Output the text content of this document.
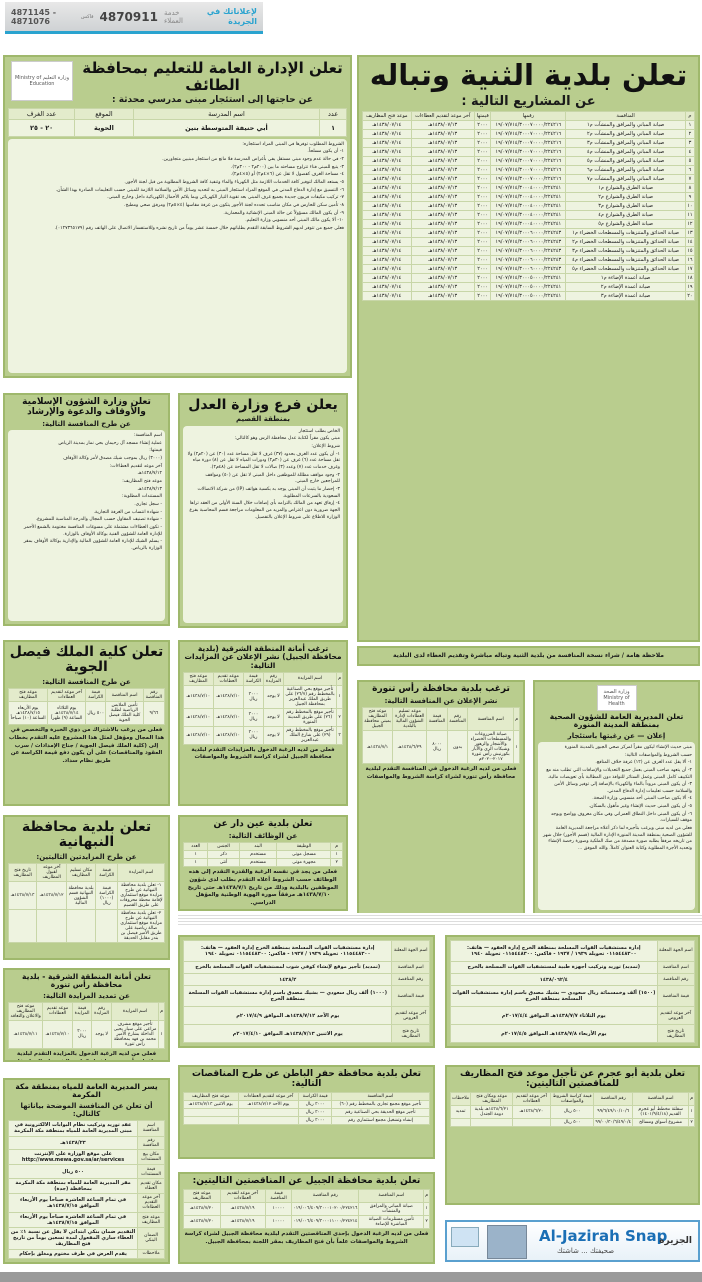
4871145 - 4871076	فاكس 4870911 خدمة العملاء
لإعلاناتك في الجريدة
تعلن بلدية الثنية وتباله
عن المشاريع التالية :
م	المنافسة	رقمها	قيمتها	آخر موعد لتقديم العطاءات	موعد فتح المظاريف
١	صيانة المباني والمرافق والمنشآت م١	١٩/٠٧/٧١٤/٣٠٠٠٧٠٠٠٠/٢٢٤٢١٦	٢٠٠٠	١٤٣٨/٠٧/١٣هـ	١٤٣٨/٠٧/١٤هـ
٢	صيانة المباني والمرافق والمنشآت م٢	١٩/٠٧/٧١٤/٣٠٠٠٧٠٠٠٠/٢٢٤٢١٦	٢٠٠٠	١٤٣٨/٠٧/١٣هـ	١٤٣٨/٠٧/١٤هـ
٣	صيانة المباني والمرافق والمنشآت م٣	١٩/٠٧/٧١٤/٣٠٠٠٧٠٠٠٠/٢٢٤٢١٦	٢٠٠٠	١٤٣٨/٠٧/١٣هـ	١٤٣٨/٠٧/١٤هـ
٤	صيانة المباني والمرافق والمنشآت م٤	١٩/٠٧/٧١٤/٣٠٠٠٧٠٠٠٠/٢٢٤٢١٦	٢٠٠٠	١٤٣٨/٠٧/١٣هـ	١٤٣٨/٠٧/١٤هـ
٥	صيانة المباني والمرافق والمنشآت م٥	١٩/٠٧/٧١٤/٣٠٠٠٧٠٠٠٠/٢٢٤٢١٦	٢٠٠٠	١٤٣٨/٠٧/١٣هـ	١٤٣٨/٠٧/١٤هـ
٦	صيانة المباني والمرافق والمنشآت م٦	١٩/٠٧/٧١٤/٣٠٠٠٧٠٠٠٠/٢٢٤٢١٦	٢٠٠٠	١٤٣٨/٠٧/١٣هـ	١٤٣٨/٠٧/١٤هـ
٧	صيانة المباني والمرافق والمنشآت م٧	١٩/٠٧/٧١٤/٣٠٠٠٧٠٠٠٠/٢٢٤٢١٦	٢٠٠٠	١٤٣٨/٠٧/١٣هـ	١٤٣٨/٠٧/١٤هـ
٨	صيانة الطرق والشوارع م١	١٩/٠٧/٧١٤/٣٠٠٠٤٠٠٠٠/٢٢٤٢٤١	٢٠٠٠	١٤٣٨/٠٧/١٣هـ	١٤٣٨/٠٧/١٤هـ
٩	صيانة الطرق والشوارع م٢	١٩/٠٧/٧١٤/٣٠٠٠٤٠٠٠٠/٢٢٤٢٤١	٢٠٠٠	١٤٣٨/٠٧/١٣هـ	١٤٣٨/٠٧/١٤هـ
١٠	صيانة الطرق والشوارع م٣	١٩/٠٧/٧١٤/٣٠٠٠٤٠٠٠٠/٢٢٤٢٤١	٢٠٠٠	١٤٣٨/٠٧/١٣هـ	١٤٣٨/٠٧/١٤هـ
١١	صيانة الطرق والشوارع م٤	١٩/٠٧/٧١٤/٣٠٠٠٤٠٠٠٠/٢٢٤٢٤١	٢٠٠٠	١٤٣٨/٠٧/١٣هـ	١٤٣٨/٠٧/١٤هـ
١٢	صيانة الطرق والشوارع م٥	١٩/٠٧/٧١٤/٣٠٠٠٤٠٠٠٠/٢٢٤٢٤١	٢٠٠٠	١٤٣٨/٠٧/١٣هـ	١٤٣٨/٠٧/١٤هـ
١٣	صيانة الحدائق والمتنزهات والمسطحات الخضراء م١	١٩/٠٧/٧١٤/٣٠٠٠٦٠٠٠٠/٢٢٤٢٤٣	٢٠٠٠	١٤٣٨/٠٧/١٣هـ	١٤٣٨/٠٧/١٤هـ
١٤	صيانة الحدائق والمتنزهات والمسطحات الخضراء م٢	١٩/٠٧/٧١٤/٣٠٠٠٦٠٠٠٠/٢٢٤٢٤٣	٢٠٠٠	١٤٣٨/٠٧/١٣هـ	١٤٣٨/٠٧/١٤هـ
١٥	صيانة الحدائق والمتنزهات والمسطحات الخضراء م٣	١٩/٠٧/٧١٤/٣٠٠٠٦٠٠٠٠/٢٢٤٢٤٣	٢٠٠٠	١٤٣٨/٠٧/١٣هـ	١٤٣٨/٠٧/١٤هـ
١٦	صيانة الحدائق والمتنزهات والمسطحات الخضراء م٤	١٩/٠٧/٧١٤/٣٠٠٠٦٠٠٠٠/٢٢٤٢٤٣	٢٠٠٠	١٤٣٨/٠٧/١٣هـ	١٤٣٨/٠٧/١٤هـ
١٧	صيانة الحدائق والمتنزهات والمسطحات الخضراء م٥	١٩/٠٧/٧١٤/٣٠٠٠٦٠٠٠٠/٢٢٤٢٤٣	٢٠٠٠	١٤٣٨/٠٧/١٣هـ	١٤٣٨/٠٧/١٤هـ
١٨	صيانة أعمدة الإضاءة م١	١٩/٠٧/٧١٤/٣٠٠٠٥٠٠٠٠/٢٢٤٢٤١	٢٠٠٠	١٤٣٨/٠٧/١٣هـ	١٤٣٨/٠٧/١٤هـ
١٩	صيانة أعمدة الإضاءة م٢	١٩/٠٧/٧١٤/٣٠٠٠٥٠٠٠٠/٢٢٤٢٤١	٢٠٠٠	١٤٣٨/٠٧/١٣هـ	١٤٣٨/٠٧/١٤هـ
٢٠	صيانة أعمدة الإضاءة م٣	١٩/٠٧/٧١٤/٣٠٠٠٥٠٠٠٠/٢٢٤٢٤١	٢٠٠٠	١٤٣٨/٠٧/١٣هـ	١٤٣٨/٠٧/١٤هـ
ملاحظة هامة / شراء نسخة المنافسة من بلدية الثنية وتباله مباشرة وتقديم العطاء لدى البلدية
وزارة التعليم Ministry of Education
تعلن الإدارة العامة للتعليم بمحافظة الطائف
عن حاجتها إلى استئجار مبنى مدرسي محدثة :
عدد	اسم المدرسة	الموقع	عدد الغرف
١	أبي حنيفة المتوسطة بنين	الحوية	٢٠ - ٢٥
الشروط المطلوب توفرها في المبنى المراد استئجاره:
١- أن يكون مسلحاً.
٢- في حالة عدم وجود مبنى مستقل يفي بأغراض المدرسة فلا مانع من استئجار مبنيين متجاورين.
٣- يتبع للمبنى فناء تتراوح مساحته ما بين (٢٠٠م٢ - ٣٠٠م٢).
٤- مساحة الغرف كفصول لا تقل عن (٦×٤م٢) أو (٥×٤م٢).
٥- يستعد المالك لتوفير كافة الخدمات اللازمة مثل الكهرباء والماء وتنفيذ كافة الشروط المطلوبة من قبل لجنة الأجور.
٦- التنسيق مع إدارة الدفاع المدني في الموقع المراد استئجار المبنى به لتحديد وسائل الأمن والسلامة اللازمة للمبنى حسب التعليمات الصادرة بهذا الشأن.
٧- تركيب مكيفات فريون جديدة بجميع غرف المبنى بعد تقوية التيار الكهربائي وبما يلائم الأحمال الكهربائية داخل وخارج المبنى.
٨- تأمين سكن للحارس في مكان مناسب تحدده لجنة الأجور يتكون من غرفة مقاسها (٤×٥م٢) ومرفق صحي ومطبخ.
٩- أن يكون المالك مسؤولاً عن حالة المبنى الإنشائية والمعمارية.
١٠- ألا يكون مالك المبنى أحد منسوبي وزارة التعليم.
فعلى جميع من تتوفر لديهم الشروط السابقة التقدم بطلباتهم خلال خمسة عشر يوماً من تاريخ نشره وللاستفسار الاتصال على الهاتف رقم (٠١٢٧٣٦٥١٧٩).
تعلن وزارة الشؤون الإسلامية والأوقاف والدعوة والإرشاد
عن طرح المنافسة التالية:
اسم المنافسة:
عملية إنشاء مسجد آل رحيمان بحي نمار بمدينة الرياض
قيمتها:
(٣٠٠٠) ريال بموجب شيك مصدق لأمر وكالة الأوقاف
آخر موعد لتقديم العطاءات:
١٤٣٨/٧/١٢هـ
موعد فتح المظاريف:
١٤٣٨/٧/١٣هـ
المستندات المطلوبة:
- سجل تجاري.
- شهادة انتساب من الغرفة التجارية.
- شهادة تصنيف المقاول حسب المجال والدرجة المناسبة للمشروع.
- تكون العطاءات مشتملة على مسوغات المنافسة مختومة بالشمع الأحمر للإدارة العامة للشؤون الفنية بوكالة الأوقاف بالوزارة.
- يسلم الشيك للإدارة العامة للشؤون المالية والإدارية بوكالة الأوقاف بمقر الوزارة بالرياض.
يعلن فرع وزارة العدل
بمنطقة القصيم
الخاص بطلب استئجار
مبنى يكون مقراً لكتابة عدل محافظة الرس وهو كالتالي:
شروط الإعلان:
١- أن يكون عدد الغرف بحدود (٣٧) غرف لا تقل مساحة عدد (٣٠) عن (٢٠م٢) ولا تقل مساحة عدد (٦) غرف عن (٣٠م٢) ودورات المياه لا تقل عن (٨) دورة مياه وغرف خدمات عدد (٧) وعدد (٣) صالات لا تقل المساحة عن (٤٨م٢).
٢- وجود مواقف مظللة للموظفين داخل المبنى لا تقل عن (٥٠) ومواقف للمراجعين خارج المبنى.
٣- إحضار ما يثبت أن المبنى يوجد به بكسية هواتف (IP) من شركة الاتصالات السعودية بالسرعات المطلوبة.
٤- إرفاق تعهد من المالك بالتزامه بأي إضافات خلال السنة الأولى من العقد تراها الجهة ضرورية دون اعتراض والمزيد من المعلومات مراجعة قسم المحاسبة بفرع الوزارة للاطلاع على شروط الإعلان بالتفصيل.
تعلن كلية الملك فيصل الجوية
عن طرح المنافسة التالية:
رقم المناقصة	اسم المناقصة	قيمة الكراسة	آخر موعد لتقديم العطاءات	موعد فتح المظاريف
٩/٦٦	تأمين الملابس الرياضية لطلبة كلية الملك فيصل الجوية	٥٠٠ ريال	يوم الثلاثاء ١٤٣٨/٧/١٤هـ الساعة (٩) ظهراً	يوم الأربعاء ١٤٣٨/٧/١٥هـ الساعة (١٠) صباحاً
فعلى من يرغب بالاشتراك من ذوي الخبرة والتخصص في هذا المجال ومؤهل لمثل هذا المشروع عليه التقدم بخطاب إلى (كلية الملك فيصل الجوية / جناح الإمدادات / سرب العقود والمناقصات) على أن يكون دفع قيمة الكراسة عن طريق نظام سداد.
ترغب أمانة المنطقة الشرقية (بلدية محافظة الجبيل) نشر الإعلان عن المزايدات التالية:
م	اسم المزايدة	رقم المزايدة	قيمة الكراسة	موعد تقديم العطاءات	موعد فتح المظاريف
١	تأجير موقع بحي الصناعية بالمخطط رقم (٢٦/٧) على طريق الملك عبدالعزيز بمحافظة الجبيل	لا يوجد	٣٠٠٠ ريال	١٤٣٨/٧/١٠هـ	١٤٣٨/٧/١٠هـ
٢	تأجير موقع بالمخطط رقم (٢٦) على طريق المدينة المنورة	لا يوجد	٣٠٠٠ ريال	١٤٣٨/٧/١٠هـ	١٤٣٨/٧/١٠هـ
٣	تأجير موقع بالمخطط رقم (٢٩) على شارع الملك عبدالعزيز	لا يوجد	٣٠٠٠ ريال	١٤٣٨/٧/١٠هـ	١٤٣٨/٧/١٠هـ
فعلى من لديه الرغبة الدخول بالمزايدات التقدم لبلدية محافظة الجبيل لشراء كراسة الشروط والمواصفات
ترغب بلدية محافظة رأس تنورة
نشر الإعلان عن المنافسة التالية:
م	اسم المنافسة	رقم المنافسة	قيمة المنافسة	موعد تسليم العطاءات لإدارة الشؤون المالية بالبلدية	موعد فتح المظاريف بمبنى محافظة الجبيل
١	صيانة المزروعات والمسطحات الخضراء والأشجار والزهور وشبكات الري والآبار بكورنيش رأس تنورة ٢٠١٧-٢٠٢٠م	بدون	٨٠٠٠ ريال	١٤٣٨/٦/٢٩هـ	١٤٣٨/٧/١هـ
فعلى من لديه الرغبة الدخول في المنافسة التقدم لبلدية محافظة رأس تنورة لشراء كراسة الشروط والمواصفات
وزارة الصحة Ministry of Health
تعلن المديرية العامة للشؤون الصحية بمنطقة المدينة المنورة
إعلان — عن رغبتها باستئجار
مبنى حديث الإنشاء ليكون مقراً لمركز صحي الجبور بالمدينة المنورة
حسب الشروط والمواصفات التالية:
١- ألا يقل عدد الغرف عن (١٢) غرفة خلاف المنافع.
٢- أن يتعهد صاحب المبنى بعمل جميع التعديلات والإضافات التي تطلب منه مع التكييف كامل المبنى وعمل الستائر للنوافذ دون المطالبة بأي تعويضات مالية.
٣- أن يكون المبنى مزوداً بالماء والكهرباء بالإضافة إلى توفير وسائل الأمن والسلامة حسب تعليمات إدارة الدفاع المدني.
٤- ألا يكون صاحب المبنى أحد منسوبي وزارة الصحة.
٥- أن يكون المبنى حديث الإنشاء وغير مأهول بالسكان.
٦- أن يكون المبنى داخل النطاق العمراني وفي مكان معروف وواضح ويوجد موقف للسيارات.
فعلى من لديه مبنى ويرغب بتأجيره لما ذكر أعلاه مراجعة المديرية العامة للشؤون الصحية بمنطقة المدينة المنورة الإدارة المالية (قسم الأجور) خلال شهر من تاريخه مرفقاً بطلبه صورة مصدقة من صك الملكية وصورة رخصة الإنشاء وتحديد الأجرة المطلوبة وكتابة العنوان كاملاً. والله الموفق ...
تعلن بلدية محافظة النبهانية
عن طرح المزايدتين التاليتين:
اسم المزايدة	قيمة الكراسة	مكان تسليم المظاريف	آخر موعد لقبول المظاريف	تاريخ فتح المظاريف
١- تعلن بلدية محافظة النبهانية عن طرح مزايدة موقع استثماري لإقامة محطة محروقات على طريق القصيم	قيمة الكراسة (١٠٠٠) ريال	بلدية محافظة النبهانية قسم الشؤون المالية	١٤٣٨/٧/١٢هـ	١٤٣٨/٧/١٣هـ
٢- تعلن بلدية محافظة النبهانية عن طرح مزايدة موقع استثماري صالة رياضية على طريق الأمير فيصل بن بندر مقابل الحديقة				
تعلن بلدية عين دار عن
عن الوظائف التالية:
م	الوظيفة	البند	الجنس	العدد
١	مسجل موتى	مستخدم	ذكر	١
٢	مجهزة موتى	مستخدم	أنثى	١
فعلى من يجد في نفسه الرغبة والقدرة التقدم إلى هذه الوظائف حسب الشروط أعلاه التقدم بطلب لدى شؤون الموظفين بالبلدية وذلك من تاريخ ١٤٣٨/٧/١هـ حتى تاريخ ١٤٣٨/٧/١٠هـ مرفقاً صورة الهوية الوطنية والمؤهل الدراسي.
تعلن أمانة المنطقة الشرقية - بلدية محافظة رأس تنورة
عن تمديد المزايدة التالية:
م	اسم المزايدة	رقم المزايدة	قيمة المزايدة	موعد تقديم العطاءات	موعد فتح المظاريف والاعلان والتعاقد
١	تأجير موقع مشرف مراعي على سيار يحيى الداخلة بشارع الأمير محمد بن فهد بمحافظة رأس تنورة	لا يوجد	٣٠٠٠ ريال	١٤٣٨/٧/١٠هـ	١٤٣٨/٧/١١هـ
فعلى من لديه الرغبة الدخول بالمزايدة التقدم لبلدية محافظة رأس تنورة لشراء كراسة الشروط والمواصفات
اسم الجهة المعلنة	إدارة مستشفيات القوات المسلحة بمنطقة الخرج إدارة العقود — هاتف: ٠١١٥٤٤٨٣٠٠ تحويلة ١٩٣٩ / ١٩٣٧ - فاكس: ٠١١٥٤٤٨٣٠٠ تحويلة ١٩٤٠
اسم المناقصة	(تمديد) تأجير موقع لإنشاء كوفي شوب لمستشفيات القوات المسلحة بالخرج
رقم المناقصة	١٤٣٨/٢
قيمة المناقصة	(١٠٠٠) ألف ريال سعودي — بشيك مصدق باسم إدارة مستشفيات القوات المسلحة بمنطقة الخرج
آخر موعد لتقديم العروض	يوم الأحد ١٤٣٨/٧/١٢هـ الموافق ٢٠١٧/٤/٩م
تاريخ فتح المظاريف	يوم الاثنين ١٤٣٨/٧/١٣هـ الموافق ٢٠١٧/٤/١٠م
اسم الجهة المعلنة	إدارة مستشفيات القوات المسلحة بمنطقة الخرج إدارة العقود — هاتف: ٠١١٥٤٤٨٣٠٠ تحويلة ١٩٣٩ / ١٩٣٧ - فاكس: ٠١١٥٤٤٨٣٠٠ تحويلة ١٩٤٠
اسم المناقصة	(تمديد) توريد وتركيب أجهزة طبية لمستشفيات القوات المسلحة بالخرج
رقم المناقصة	١٤٣٨/٠٦٢/٤
قيمة المناقصة	(١٥٠٠) ألف وخمسمائة ريال سعودي — بشيك مصدق باسم إدارة مستشفيات القوات المسلحة بمنطقة الخرج
آخر موعد لتقديم العروض	يوم الثلاثاء ١٤٣٨/٧/٧هـ الموافق ٢٠١٧/٤/٤م
تاريخ فتح المظاريف	يوم الأربعاء ١٤٣٨/٧/٨هـ الموافق ٢٠١٧/٤/٥م
يسر المديرية العامة للمياه بمنطقة مكة المكرمة
أن تعلن عن المنافسة الموضحة بياناتها كالتالي:
اسم المنافسة	عقد توريد وتركيب نظام البوابات الالكترونية في مبنى المديرية العامة للمياه بمنطقة مكة المكرمة
رقم المنافسة	١٤٣٨/٢٣هـ
مكان بيع المستندات	على موقع الوزارة على الإنترنت http://www.mewa.gov.sa/ar/services
قيمة المستندات	٥٠٠ ريال
مكان تقديم العطاء	مقر المديرية العامة للمياه بمنطقة مكة المكرمة بمحافظة (جدة)
آخر موعد التقديم العطاءات	في تمام الساعة العاشرة صباحاً يوم الأربعاء الموافق ١٤٣٨/٧/١٥هـ
موعد فتح المظاريف	في تمام الساعة العاشرة صباحاً يوم الأربعاء الموافق ١٤٣٨/٧/١٥هـ
الضمان البنكي	التقديم ضمان بنكي ابتدائي لا يقل عن نسبة ١٪ من العطاء ساري المفعول لمدة تسعين يوماً من تاريخ فتح المظاريف
ملاحظات	يقدم العرض في ظرف مختوم ومغلق بإحكام
تعلن بلدية محافظة حفر الباطن عن طرح المناقصات التالية:
اسم المنافسة	قيمة الكراسة	آخر موعد لتقديم العطاءات	موعد فتح المظاريف
تأجير موقع مجمع تجاري بالمخطط رقم (٦٠)	٣٠٠٠ ريال	يوم الأحد ١٤٣٨/٧/١٢هـ	يوم الاثنين ١٤٣٨/٧/١٣هـ
تأجير موقع الحديقة بحي الصناعية رقم	٣٠٠٠ ريال		
إنشاء وتشغيل مجمع استثماري رقم	٣٠٠٠ ريال		
تعلن بلدية محافظة الجبيل عن المناقصتين التاليتين:
م	اسم المناقصة	رقم المناقصة	قيمة المناقصة	آخر موعد لتقديم العطاءات	موعد فتح المظاريف
١	صيانة المباني والمرافق والمنشآت	٠١٩/٠٠٦/٤٠٩/٣٠٠٠١٠٢٠٠/٢٢٤٢١٦	١٠٠٠٠	١٤٣٨/٧/١٩هـ	١٤٣٨/٧/٢٠هـ
٢	تأمين مستلزمات الصيانة المباشرة للإضاءة	٠١٩/٠٠٦/٤٠٩/٣٠٠٠١١٠٠٠/٢٢٤٢١٤	١٠٠٠٠	١٤٣٨/٧/١٩هـ	١٤٣٨/٧/٢٠هـ
فعلى من لديه الرغبة الدخول بإحدى المناقصتين التقدم لبلدية محافظة الجبيل لشراء كراسة الشروط والمواصفات علماً بأن فتح المظاريف بمقر اللجنة بمحافظة الجبيل.
تعلن بلدية أبو عجرم عن تأجيل موعد فتح المظاريف للمناقصتين التاليتين:
م	اسم المناقصة	رقم المناقصة	قيمة كراسة الشروط والمواصفات	آخر موعد لتقديم العطاءات	موعد ومكان فتح المظاريف	ملاحظات
١	سفلتة مخطط أبو عجرم القديم (١٤٠١/٩/٤/١٨)	٩٩/٦/٤٩/١٠/١٠/٦	٥٠٠ ريال	١٤٣٨/٦/٢٠هـ	١٤٣٨/٦/٢١هـ بلدية دومة الجندل	تمديد
٢	مشروع أسواق ومسالخ	٩٩/٠٠/٣٠/٦/٤٩/٠/٤	٥٠٠ ريال			
Al-Jazirah Snap
صحيفتك ... شاشتك
الجزيرة
